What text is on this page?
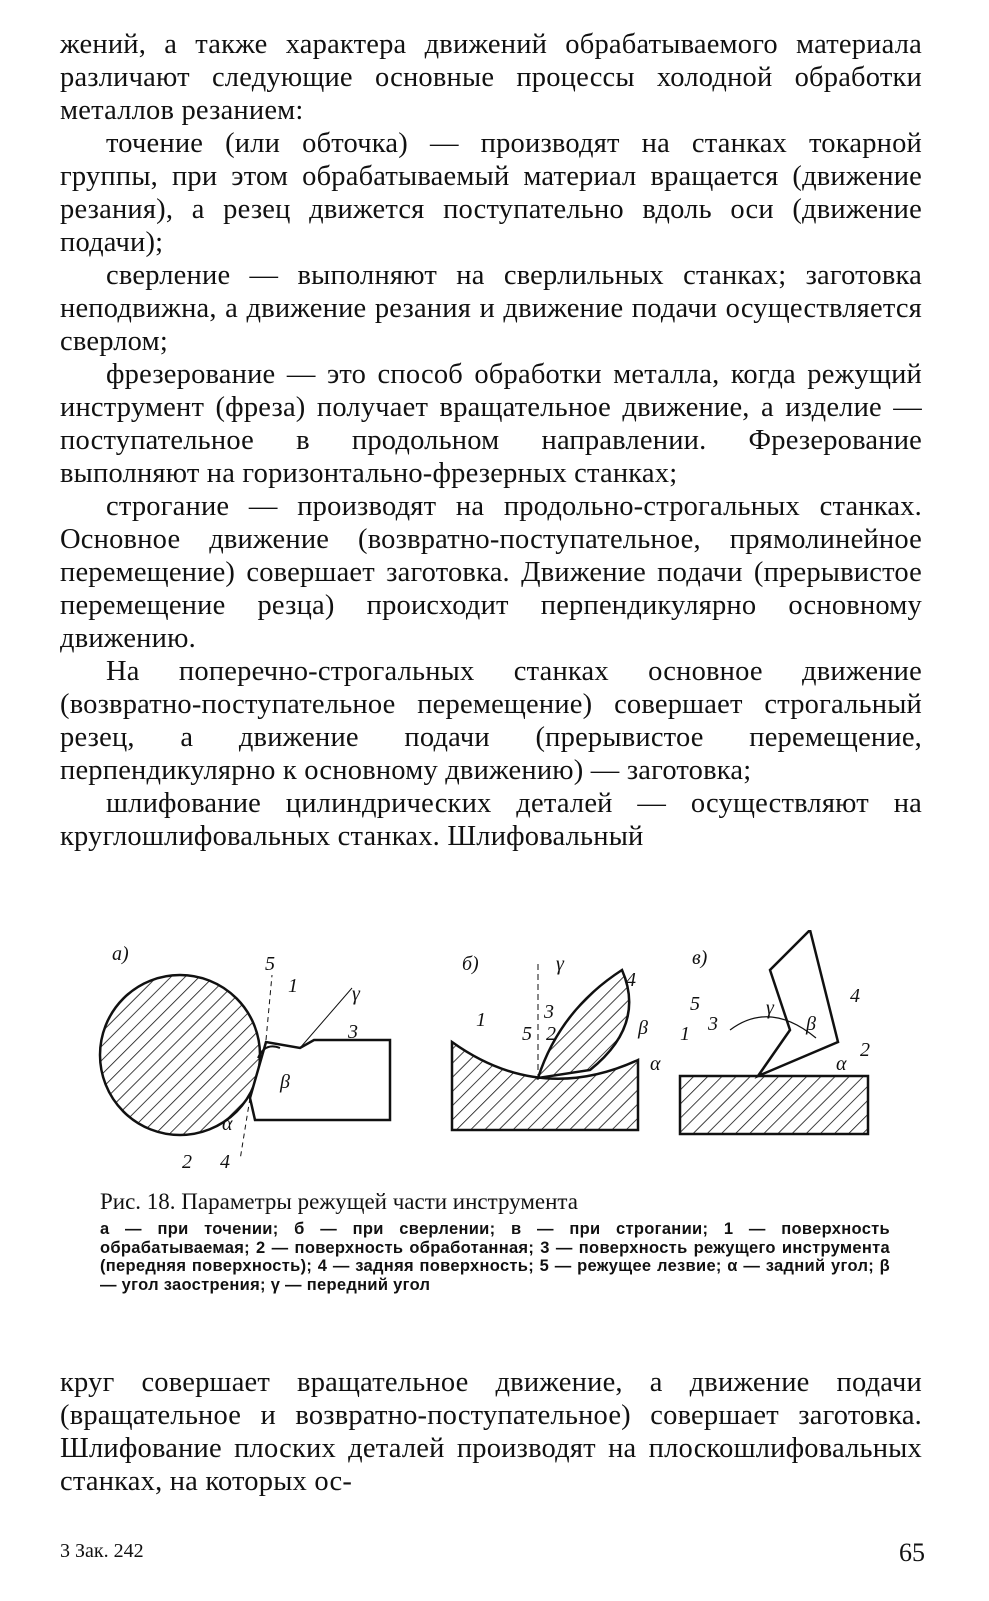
жений, а также характера движений обрабатываемого материала различают следующие основные процессы холодной обработки металлов резанием:

точение (или обточка) — производят на станках токарной группы, при этом обрабатываемый материал вращается (движение резания), а резец движется поступательно вдоль оси (движение подачи);

сверление — выполняют на сверлильных станках; заготовка неподвижна, а движение резания и движение подачи осуществляется сверлом;

фрезерование — это способ обработки металла, когда режущий инструмент (фреза) получает вращательное движение, а изделие — поступательное в продольном направлении. Фрезерование выполняют на горизонтально-фрезерных станках;

строгание — производят на продольно-строгальных станках. Основное движение (возвратно-поступательное, прямолинейное перемещение) совершает заготовка. Движение подачи (прерывистое перемещение резца) происходит перпендикулярно основному движению.

На поперечно-строгальных станках основное движение (возвратно-поступательное перемещение) совершает строгальный резец, а движение подачи (прерывистое перемещение, перпендикулярно к основному движению) — заготовка;

шлифование цилиндрических деталей — осуществляют на круглошлифовальных станках. Шлифовальный

а)	5
1	γ
3
β
α
2 4
б)	γ
4
3
2
5	β
α
1
в)
5
3
1
γ
β
4
2
α

Рис. 18. Параметры режущей части инструмента

а — при точении; б — при сверлении; в — при строгании; 1 — поверхность обрабатываемая; 2 — поверхность обработанная; 3 — поверхность режущего инструмента (передняя поверхность); 4 — задняя поверхность; 5 — режущее лезвие; α — задний угол; β — угол заострения; γ — передний угол

круг совершает вращательное движение, а движение подачи (вращательное и возвратно-поступательное) совершает заготовка. Шлифование плоских деталей производят на плоскошлифовальных станках, на которых ос-

3 Зак. 242	65
